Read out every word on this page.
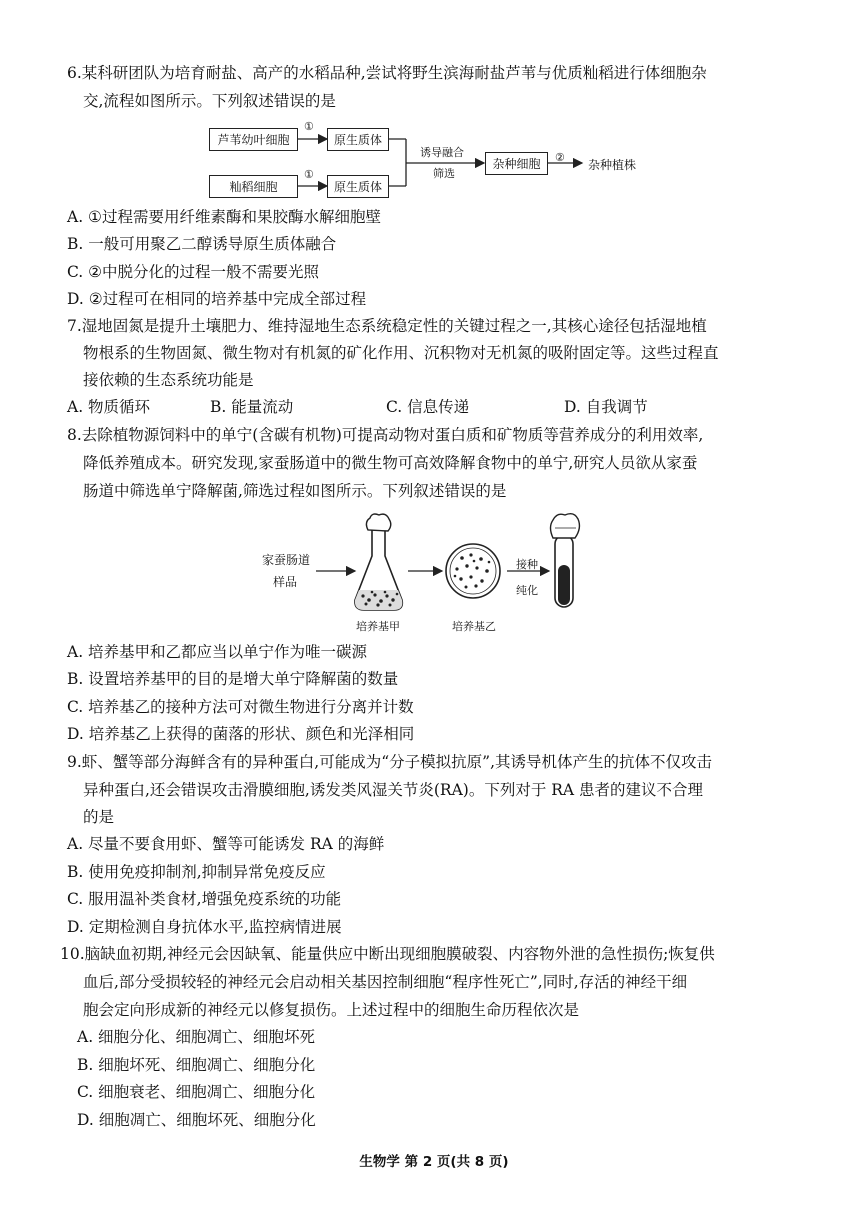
6.某科研团队为培育耐盐、高产的水稻品种,尝试将野生滨海耐盐芦苇与优质籼稻进行体细胞杂
交,流程如图所示。下列叙述错误的是
芦苇幼叶细胞	原生质体
籼稻细胞	原生质体
杂种细胞
①
①
诱导融合
筛选
②
杂种植株
A. ①过程需要用纤维素酶和果胶酶水解细胞壁
B. 一般可用聚乙二醇诱导原生质体融合
C. ②中脱分化的过程一般不需要光照
D. ②过程可在相同的培养基中完成全部过程
7.湿地固氮是提升土壤肥力、维持湿地生态系统稳定性的关键过程之一,其核心途径包括湿地植
物根系的生物固氮、微生物对有机氮的矿化作用、沉积物对无机氮的吸附固定等。这些过程直
接依赖的生态系统功能是
A. 物质循环	B. 能量流动	C. 信息传递	D. 自我调节
8.去除植物源饲料中的单宁(含碳有机物)可提高动物对蛋白质和矿物质等营养成分的利用效率,
降低养殖成本。研究发现,家蚕肠道中的微生物可高效降解食物中的单宁,研究人员欲从家蚕
肠道中筛选单宁降解菌,筛选过程如图所示。下列叙述错误的是
家蚕肠道
样品
培养基甲	培养基乙
接种
纯化
A. 培养基甲和乙都应当以单宁作为唯一碳源
B. 设置培养基甲的目的是增大单宁降解菌的数量
C. 培养基乙的接种方法可对微生物进行分离并计数
D. 培养基乙上获得的菌落的形状、颜色和光泽相同
9.虾、蟹等部分海鲜含有的异种蛋白,可能成为“分子模拟抗原”,其诱导机体产生的抗体不仅攻击
异种蛋白,还会错误攻击滑膜细胞,诱发类风湿关节炎(RA)。下列对于 RA 患者的建议不合理
的是
A. 尽量不要食用虾、蟹等可能诱发 RA 的海鲜
B. 使用免疫抑制剂,抑制异常免疫反应
C. 服用温补类食材,增强免疫系统的功能
D. 定期检测自身抗体水平,监控病情进展
10.脑缺血初期,神经元会因缺氧、能量供应中断出现细胞膜破裂、内容物外泄的急性损伤;恢复供
血后,部分受损较轻的神经元会启动相关基因控制细胞“程序性死亡”,同时,存活的神经干细
胞会定向形成新的神经元以修复损伤。上述过程中的细胞生命历程依次是
A. 细胞分化、细胞凋亡、细胞坏死
B. 细胞坏死、细胞凋亡、细胞分化
C. 细胞衰老、细胞凋亡、细胞分化
D. 细胞凋亡、细胞坏死、细胞分化
生物学 第 2 页(共 8 页)
